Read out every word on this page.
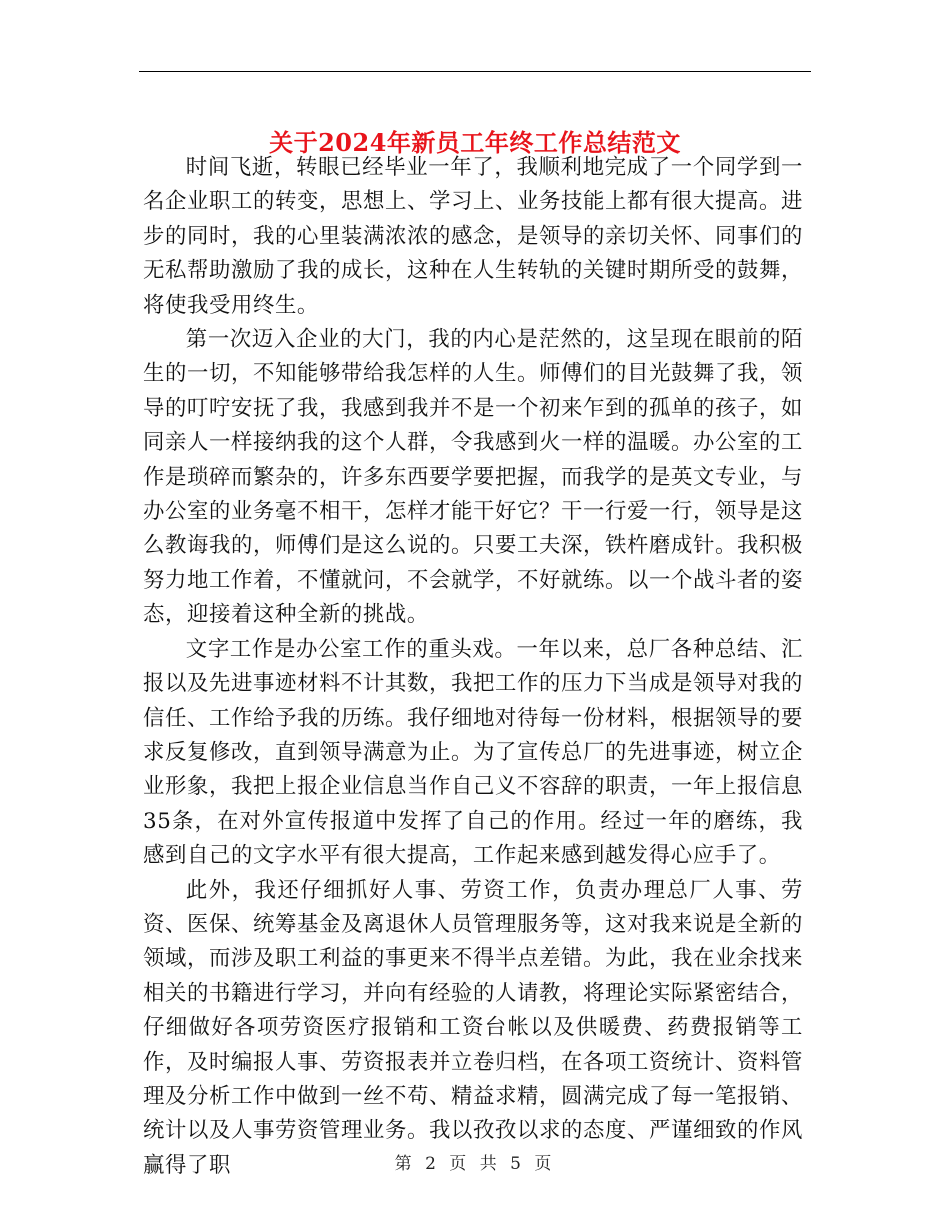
关于2024年新员工年终工作总结范文

时间飞逝，转眼已经毕业一年了，我顺利地完成了一个同学到一名企业职工的转变，思想上、学习上、业务技能上都有很大提高。进步的同时，我的心里装满浓浓的感念，是领导的亲切关怀、同事们的无私帮助激励了我的成长，这种在人生转轨的关键时期所受的鼓舞，将使我受用终生。

第一次迈入企业的大门，我的内心是茫然的，这呈现在眼前的陌生的一切，不知能够带给我怎样的人生。师傅们的目光鼓舞了我，领导的叮咛安抚了我，我感到我并不是一个初来乍到的孤单的孩子，如同亲人一样接纳我的这个人群，令我感到火一样的温暖。办公室的工作是琐碎而繁杂的，许多东西要学要把握，而我学的是英文专业，与办公室的业务毫不相干，怎样才能干好它？干一行爱一行，领导是这么教诲我的，师傅们是这么说的。只要工夫深，铁杵磨成针。我积极努力地工作着，不懂就问，不会就学，不好就练。以一个战斗者的姿态，迎接着这种全新的挑战。

文字工作是办公室工作的重头戏。一年以来，总厂各种总结、汇报以及先进事迹材料不计其数，我把工作的压力下当成是领导对我的信任、工作给予我的历练。我仔细地对待每一份材料，根据领导的要求反复修改，直到领导满意为止。为了宣传总厂的先进事迹，树立企业形象，我把上报企业信息当作自己义不容辞的职责，一年上报信息35条，在对外宣传报道中发挥了自己的作用。经过一年的磨练，我感到自己的文字水平有很大提高，工作起来感到越发得心应手了。

此外，我还仔细抓好人事、劳资工作，负责办理总厂人事、劳资、医保、统筹基金及离退休人员管理服务等，这对我来说是全新的领域，而涉及职工利益的事更来不得半点差错。为此，我在业余找来相关的书籍进行学习，并向有经验的人请教，将理论实际紧密结合，仔细做好各项劳资医疗报销和工资台帐以及供暖费、药费报销等工作，及时编报人事、劳资报表并立卷归档，在各项工资统计、资料管理及分析工作中做到一丝不苟、精益求精，圆满完成了每一笔报销、统计以及人事劳资管理业务。我以孜孜以求的态度、严谨细致的作风赢得了职	第 2 页 共 5 页
